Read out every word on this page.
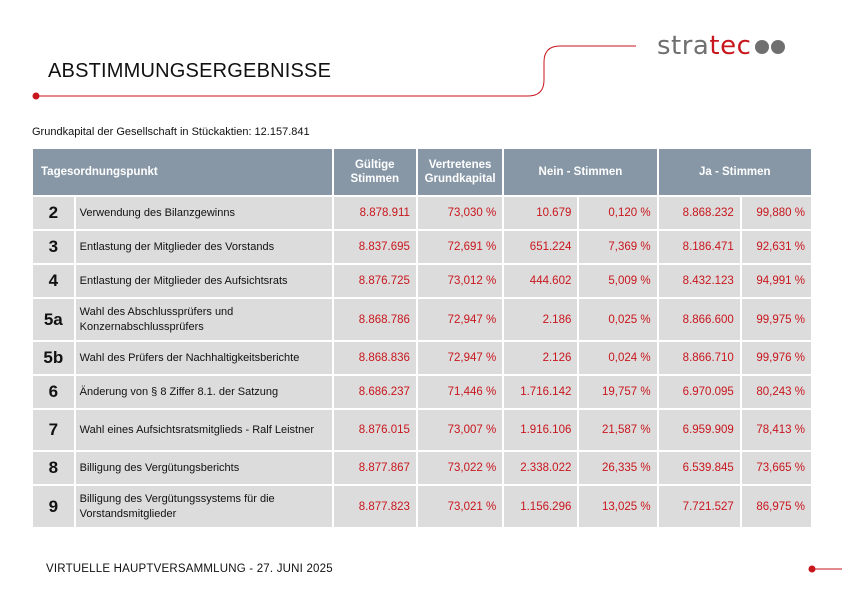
stratec
ABSTIMMUNGSERGEBNISSE
Grundkapital der Gesellschaft in Stückaktien: 12.157.841
Tagesordnungspunkt		Gültige Stimmen	Vertretenes Grundkapital	Nein - Stimmen		Ja - Stimmen	
2	Verwendung des Bilanzgewinns	8.878.911	73,030 %	10.679	0,120 %	8.868.232	99,880 %
3	Entlastung der Mitglieder des Vorstands	8.837.695	72,691 %	651.224	7,369 %	8.186.471	92,631 %
4	Entlastung der Mitglieder des Aufsichtsrats	8.876.725	73,012 %	444.602	5,009 %	8.432.123	94,991 %
5a	Wahl des Abschlussprüfers und Konzernabschlussprüfers	8.868.786	72,947 %	2.186	0,025 %	8.866.600	99,975 %
5b	Wahl des Prüfers der Nachhaltigkeitsberichte	8.868.836	72,947 %	2.126	0,024 %	8.866.710	99,976 %
6	Änderung von § 8 Ziffer 8.1. der Satzung	8.686.237	71,446 %	1.716.142	19,757 %	6.970.095	80,243 %
7	Wahl eines Aufsichtsratsmitglieds - Ralf Leistner	8.876.015	73,007 %	1.916.106	21,587 %	6.959.909	78,413 %
8	Billigung des Vergütungsberichts	8.877.867	73,022 %	2.338.022	26,335 %	6.539.845	73,665 %
9	Billigung des Vergütungssystems für die Vorstandsmitglieder	8.877.823	73,021 %	1.156.296	13,025 %	7.721.527	86,975 %
VIRTUELLE HAUPTVERSAMMLUNG - 27. JUNI 2025
